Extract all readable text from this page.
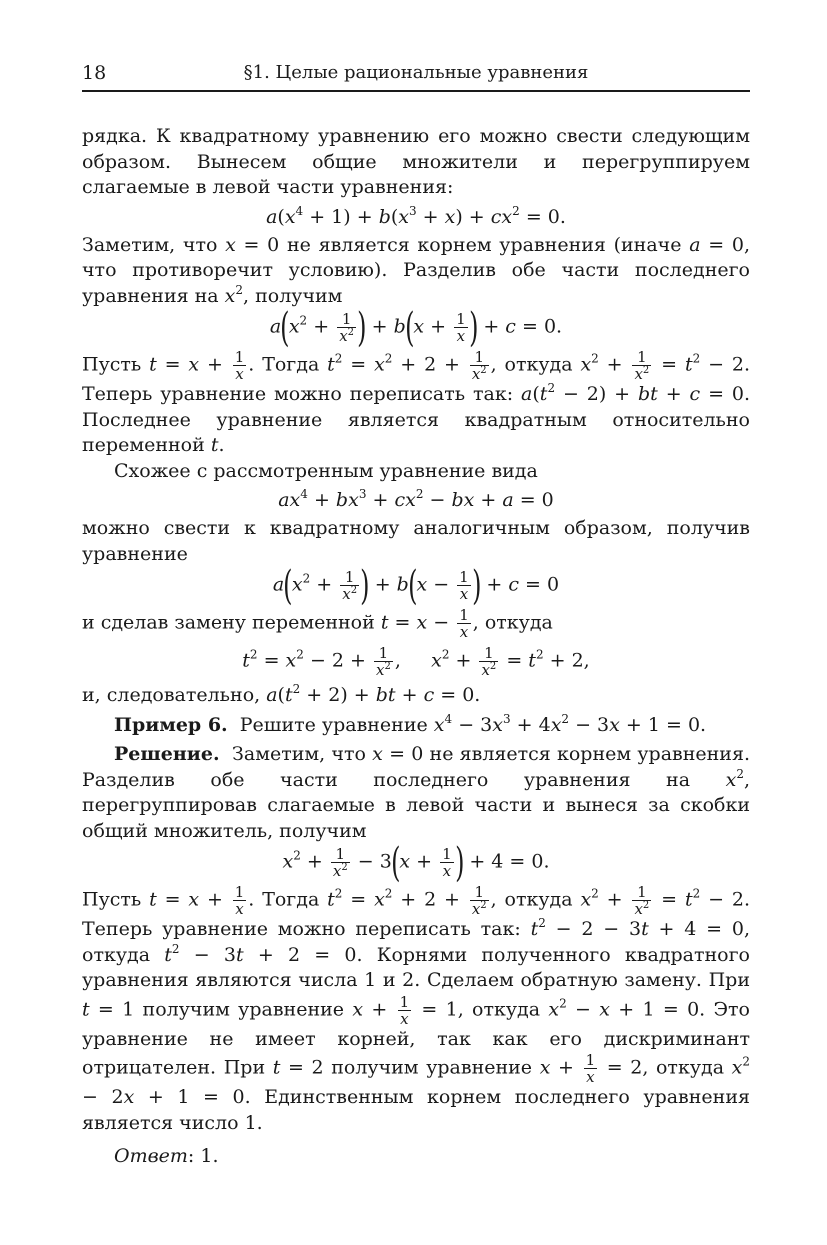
18	§1. Целые рациональные уравнения

рядка. К квадратному уравнению его можно свести следующим образом. Вынесем общие множители и перегруппируем слагаемые в левой части уравнения:

$a(x^4 + 1) + b(x^3 + x) + cx^2 = 0$.

Заметим, что x = 0 не является корнем уравнения (иначе a = 0, что противоречит условию). Разделив обе части последнего уравнения на $x^2$, получим

$a(x^2 + \frac{1}{x^2}$ ) + $b(x + \frac{1}{x}$ ) + c = 0.

Пусть $t = x + \frac{1}{x}$ . Тогда $t^2 = x^2 + 2 + \frac{1}{x^2}$ , откуда $x^2 + \frac{1}{x^2} = t^2 - 2$. Теперь уравнение можно переписать так: $a(t^2 - 2)$ + bt + c = 0. Последнее уравнение является квадратным относительно переменной t.

Схожее с рассмотренным уравнение вида

$ax^4 + bx^3 + cx^2$ − bx + a = 0

можно свести к квадратному аналогичным образом, получив уравнение

$a(x^2 + \frac{1}{x^2}$ ) + $b(x - \frac{1}{x}$ ) + c = 0

и сделав замену переменной $t = x - \frac{1}{x}$ , откуда

$t^2 = x^2 - 2 + \frac{1}{x^2}$ ,     $x^2 + \frac{1}{x^2} = t^2 + 2$,

и, следовательно, $a(t^2 + 2)$ + bt + c = 0.

Пример 6. Решите уравнение $x^4 - 3x^3 + 4x^2 - 3x + 1 = 0$.

Решение. Заметим, что x = 0 не является корнем уравнения. Разделив обе части последнего уравнения на $x^2$, перегруппировав слагаемые в левой части и вынеся за скобки общий множитель, получим

$x^2 + \frac{1}{x^2} - 3(x + \frac{1}{x}$ ) + 4 = 0.

Пусть $t = x + \frac{1}{x}$ . Тогда $t^2 = x^2 + 2 + \frac{1}{x^2}$ , откуда $x^2 + \frac{1}{x^2} = t^2 - 2$. Теперь уравнение можно переписать так: $t^2 - 2 - 3t + 4 = 0$, откуда $t^2 - 3t + 2 = 0$. Корнями полученного квадратного уравнения являются числа 1 и 2. Сделаем обратную замену. При t = 1 получим уравнение $x + \frac{1}{x} = 1$, откуда $x^2 - x + 1 = 0$. Это уравнение не имеет корней, так как его дискриминант отрицателен. При t = 2 получим уравнение $x + \frac{1}{x} = 2$, откуда $x^2 - 2x + 1 = 0$. Единственным корнем последнего уравнения является число 1.

Ответ: 1.
